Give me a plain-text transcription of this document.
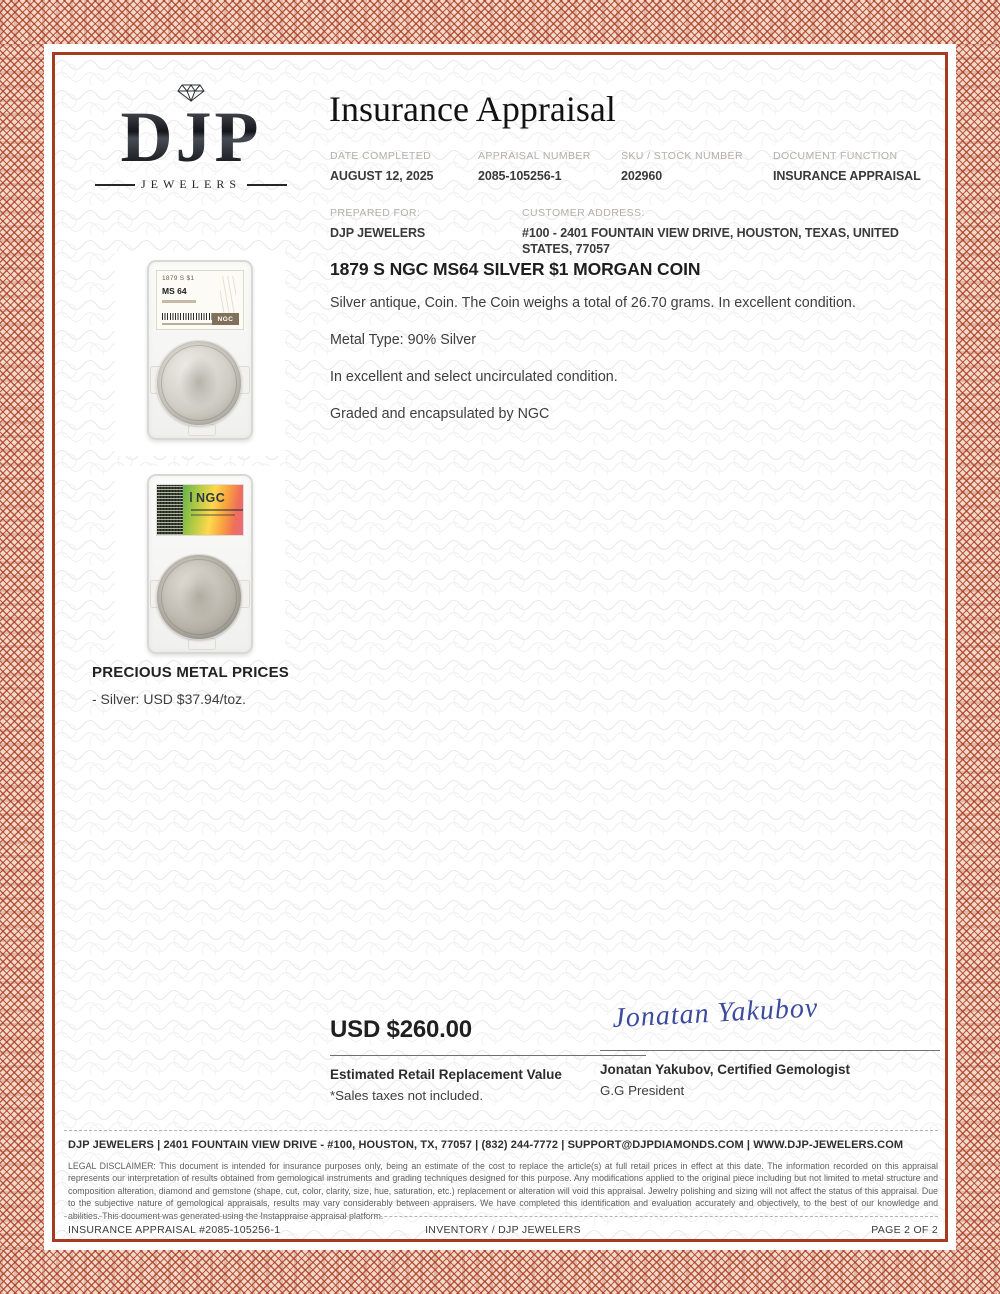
DJP
JEWELERS
Insurance Appraisal
DATE COMPLETED
AUGUST 12, 2025
APPRAISAL NUMBER
2085-105256-1
SKU / STOCK NUMBER
202960
DOCUMENT FUNCTION
INSURANCE APPRAISAL
PREPARED FOR:
DJP JEWELERS
CUSTOMER ADDRESS:
#100 - 2401 FOUNTAIN VIEW DRIVE, HOUSTON, TEXAS, UNITED STATES, 77057
1879 S NGC MS64 SILVER $1 MORGAN COIN

Silver antique, Coin. The Coin weighs a total of 26.70 grams. In excellent condition.

Metal Type: 90% Silver

In excellent and select uncirculated condition.

Graded and encapsulated by NGC

1879 S $1
MS 64
NGC
NGC
PRECIOUS METAL PRICES
- Silver: USD $37.94/toz.
USD $260.00
Estimated Retail Replacement Value
*Sales taxes not included.
Jonatan Yakubov
Jonatan Yakubov, Certified Gemologist
G.G President
DJP JEWELERS | 2401 FOUNTAIN VIEW DRIVE - #100, HOUSTON, TX, 77057 | (832) 244-7772 | SUPPORT@DJPDIAMONDS.COM | WWW.DJP-JEWELERS.COM
LEGAL DISCLAIMER: This document is intended for insurance purposes only, being an estimate of the cost to replace the article(s) at full retail prices in effect at this date. The information recorded on this appraisal represents our interpretation of results obtained from gemological instruments and grading techniques designed for this purpose. Any modifications applied to the original piece including but not limited to metal structure and composition alteration, diamond and gemstone (shape, cut, color, clarity, size, hue, saturation, etc.) replacement or alteration will void this appraisal. Jewelry polishing and sizing will not affect the status of this appraisal. Due to the subjective nature of gemological appraisals, results may vary considerably between appraisers. We have completed this identification and evaluation accurately and objectively, to the best of our knowledge and abilities. This document was generated using the Instappraise appraisal platform.
INSURANCE APPRAISAL #2085-105256-1	INVENTORY / DJP JEWELERS	PAGE 2 OF 2
